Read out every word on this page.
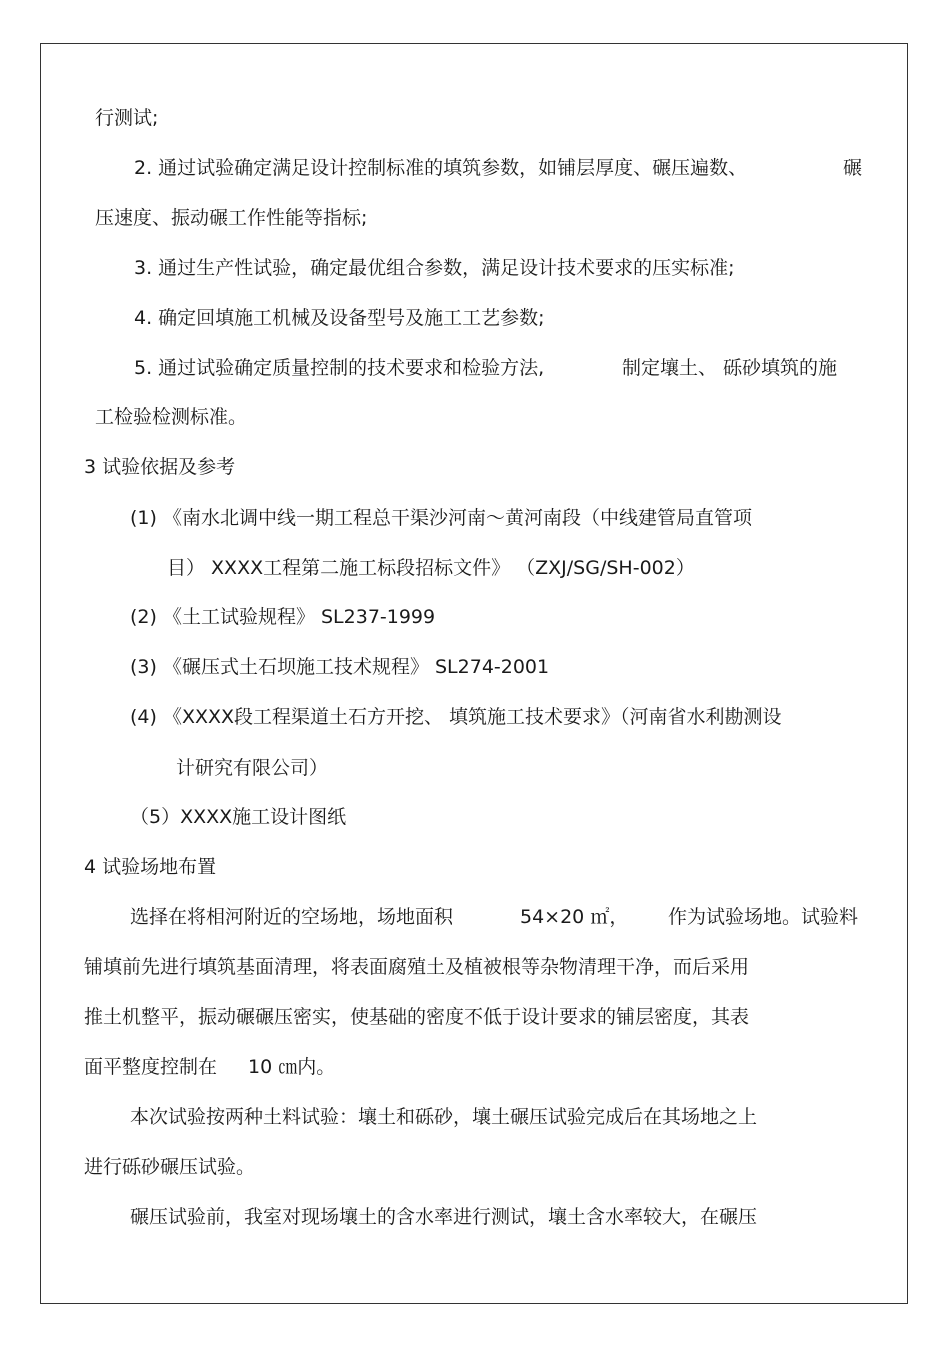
行测试;
2. 通过试验确定满足设计控制标准的填筑参数，如铺层厚度、碾压遍数、	碾
压速度、振动碾工作性能等指标;
3. 通过生产性试验，确定最优组合参数，满足设计技术要求的压实标准;
4. 确定回填施工机械及设备型号及施工工艺参数;
5. 通过试验确定质量控制的技术要求和检验方法,	制定壤土、 砾砂填筑的施
工检验检测标准。
3 试验依据及参考
(1) 《南水北调中线一期工程总干渠沙河南～黄河南段（中线建管局直管项
目） XXXX工程第二施工标段招标文件》 （ZXJ/SG/SH-002）
(2) 《土工试验规程》 SL237-1999
(3) 《碾压式土石坝施工技术规程》 SL274-2001
(4) 《XXXX段工程渠道土石方开挖、 填筑施工技术要求》（河南省水利勘测设
计研究有限公司）
（5）XXXX施工设计图纸
4 试验场地布置
选择在将相河附近的空场地，场地面积	54×20 ㎡， 作为试验场地。试验料
铺填前先进行填筑基面清理，将表面腐殖土及植被根等杂物清理干净，而后采用
推土机整平，振动碾碾压密实，使基础的密度不低于设计要求的铺层密度，其表
面平整度控制在 10 ㎝内。
本次试验按两种土料试验：壤土和砾砂，壤土碾压试验完成后在其场地之上
进行砾砂碾压试验。
碾压试验前，我室对现场壤土的含水率进行测试，壤土含水率较大，在碾压
